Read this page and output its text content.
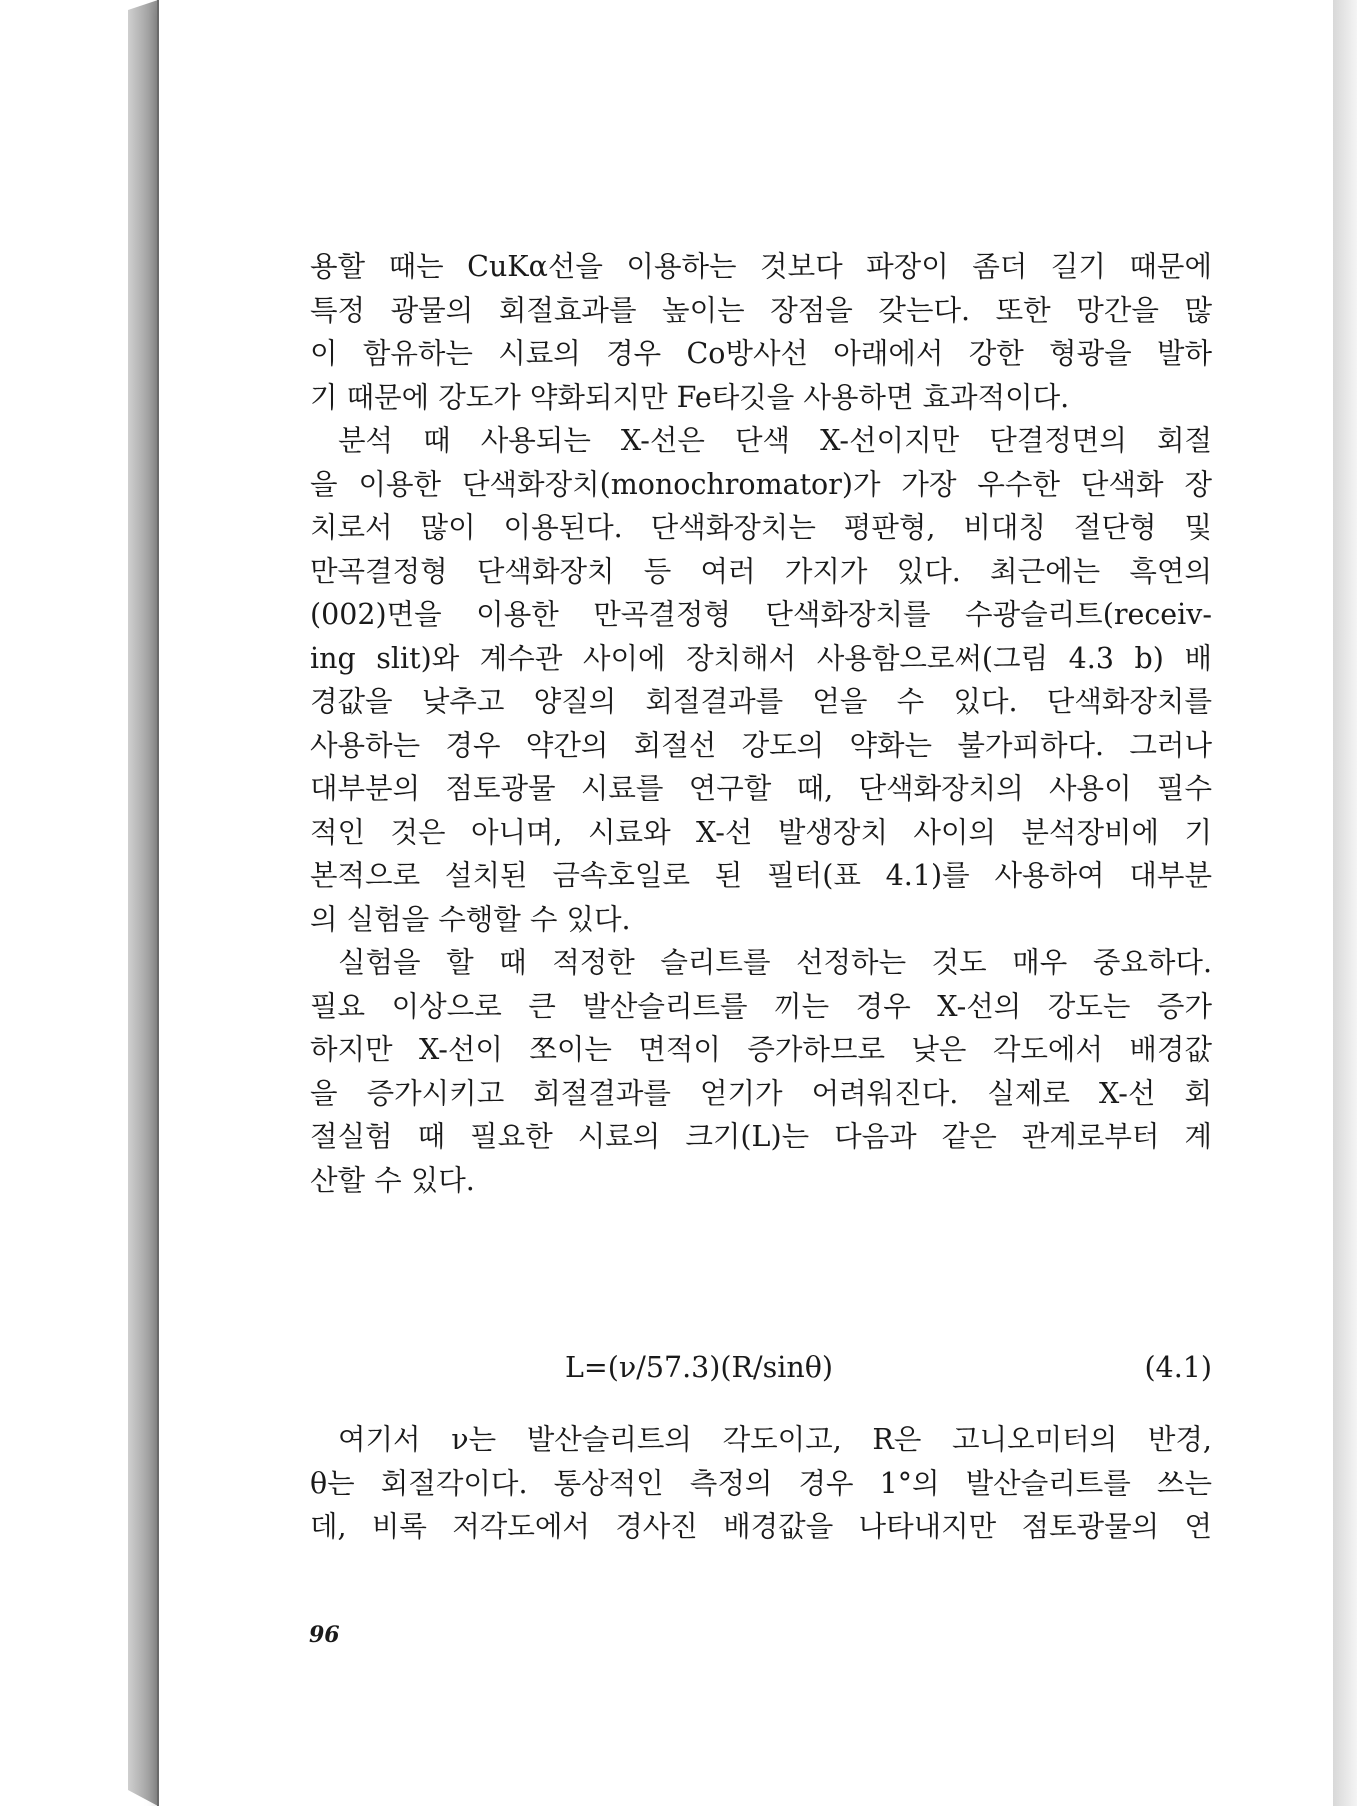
용할 때는 CuKα선을 이용하는 것보다 파장이 좀더 길기 때문에
특정 광물의 회절효과를 높이는 장점을 갖는다. 또한 망간을 많
이 함유하는 시료의 경우 Co방사선 아래에서 강한 형광을 발하
기 때문에 강도가 약화되지만 Fe타깃을 사용하면 효과적이다.
분석 때 사용되는 X-선은 단색 X-선이지만 단결정면의 회절
을 이용한 단색화장치(monochromator)가 가장 우수한 단색화 장
치로서 많이 이용된다. 단색화장치는 평판형, 비대칭 절단형 및
만곡결정형 단색화장치 등 여러 가지가 있다. 최근에는 흑연의
(002)면을 이용한 만곡결정형 단색화장치를 수광슬리트(receiv-
ing slit)와 계수관 사이에 장치해서 사용함으로써(그림 4.3 b) 배
경값을 낮추고 양질의 회절결과를 얻을 수 있다. 단색화장치를
사용하는 경우 약간의 회절선 강도의 약화는 불가피하다. 그러나
대부분의 점토광물 시료를 연구할 때, 단색화장치의 사용이 필수
적인 것은 아니며, 시료와 X-선 발생장치 사이의 분석장비에 기
본적으로 설치된 금속호일로 된 필터(표 4.1)를 사용하여 대부분
의 실험을 수행할 수 있다.
실험을 할 때 적정한 슬리트를 선정하는 것도 매우 중요하다.
필요 이상으로 큰 발산슬리트를 끼는 경우 X-선의 강도는 증가
하지만 X-선이 쪼이는 면적이 증가하므로 낮은 각도에서 배경값
을 증가시키고 회절결과를 얻기가 어려워진다. 실제로 X-선 회
절실험 때 필요한 시료의 크기(L)는 다음과 같은 관계로부터 계
산할 수 있다.
L=(ν/57.3)(R/sinθ)	(4.1)
여기서 ν는 발산슬리트의 각도이고, R은 고니오미터의 반경,
θ는 회절각이다. 통상적인 측정의 경우 1°의 발산슬리트를 쓰는
데, 비록 저각도에서 경사진 배경값을 나타내지만 점토광물의 연
96
